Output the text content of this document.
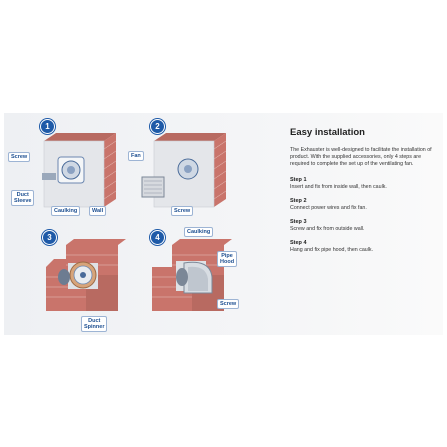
1
Screw
Duct
Sleeve
Caulking	Wall
2
Fan
Screw
3
Duct
Spinner
4
Caulking
Pipe
Hood
Screw
Easy installation
The Exhauster is well-designed to facilitate the installation of product. With the supplied accessories, only 4 steps are required to complete the set up of the ventilating fan.
Step 1
Insert and fix from inside wall, then caulk.
Step 2
Connect power wires and fix fan.
Step 3
Screw and fix from outside wall.
Step 4
Hang and fix pipe hood, then caulk.
